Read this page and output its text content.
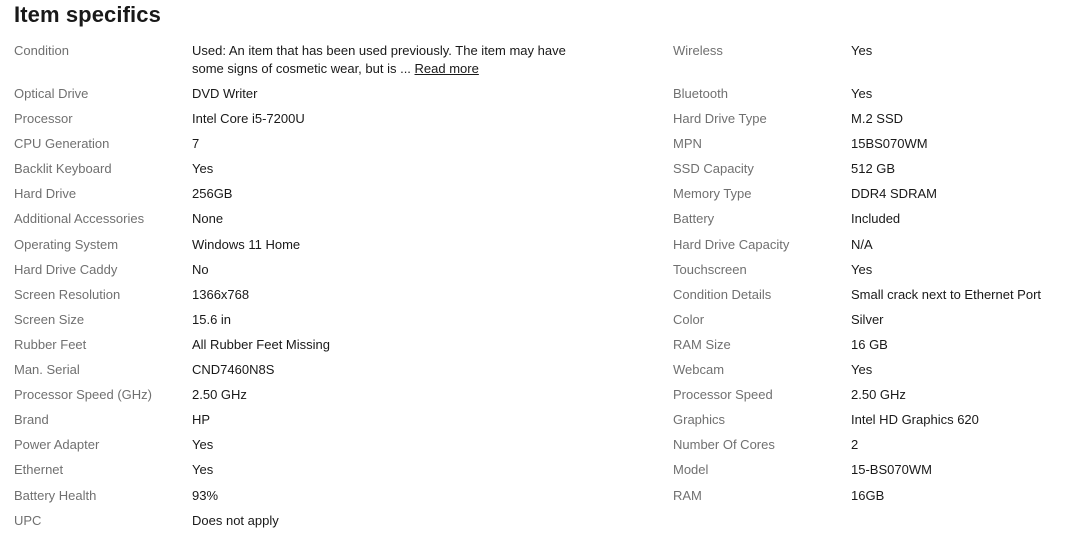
Item specifics
Condition	Used: An item that has been used previously. The item may have some signs of cosmetic wear, but is ... Read more
Optical Drive	DVD Writer
Processor	Intel Core i5-7200U
CPU Generation	7
Backlit Keyboard	Yes
Hard Drive	256GB
Additional Accessories	None
Operating System	Windows 11 Home
Hard Drive Caddy	No
Screen Resolution	1366x768
Screen Size	15.6 in
Rubber Feet	All Rubber Feet Missing
Man. Serial	CND7460N8S
Processor Speed (GHz)	2.50 GHz
Brand	HP
Power Adapter	Yes
Ethernet	Yes
Battery Health	93%
UPC	Does not apply
Wireless	Yes
Bluetooth	Yes
Hard Drive Type	M.2 SSD
MPN	15BS070WM
SSD Capacity	512 GB
Memory Type	DDR4 SDRAM
Battery	Included
Hard Drive Capacity	N/A
Touchscreen	Yes
Condition Details	Small crack next to Ethernet Port
Color	Silver
RAM Size	16 GB
Webcam	Yes
Processor Speed	2.50 GHz
Graphics	Intel HD Graphics 620
Number Of Cores	2
Model	15-BS070WM
RAM	16GB
